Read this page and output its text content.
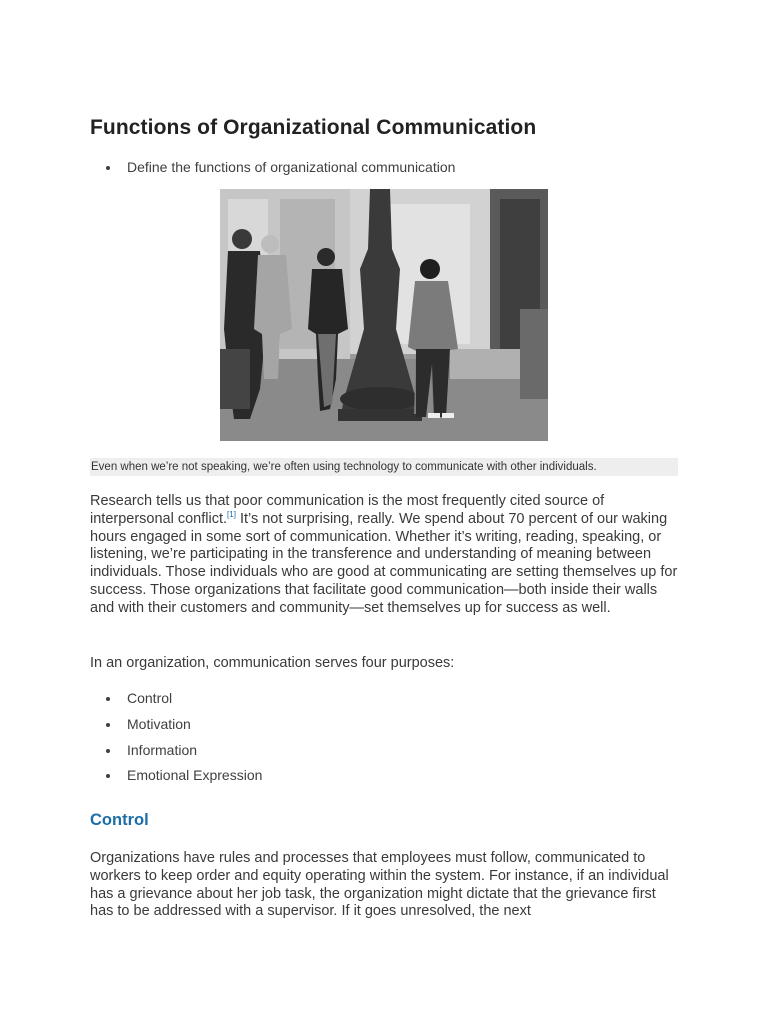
Functions of Organizational Communication
Define the functions of organizational communication
Even when we’re not speaking, we’re often using technology to communicate with other individuals.

Research tells us that poor communication is the most frequently cited source of interpersonal conflict.[1] It’s not surprising, really. We spend about 70 percent of our waking hours engaged in some sort of communication. Whether it’s writing, reading, speaking, or listening, we’re participating in the transference and understanding of meaning between individuals. Those individuals who are good at communicating are setting themselves up for success. Those organizations that facilitate good communication—both inside their walls and with their customers and community—set themselves up for success as well.

In an organization, communication serves four purposes:

Control
Motivation
Information
Emotional Expression
Control

Organizations have rules and processes that employees must follow, communicated to workers to keep order and equity operating within the system. For instance, if an individual has a grievance about her job task, the organization might dictate that the grievance first has to be addressed with a supervisor. If it goes unresolved, the next
